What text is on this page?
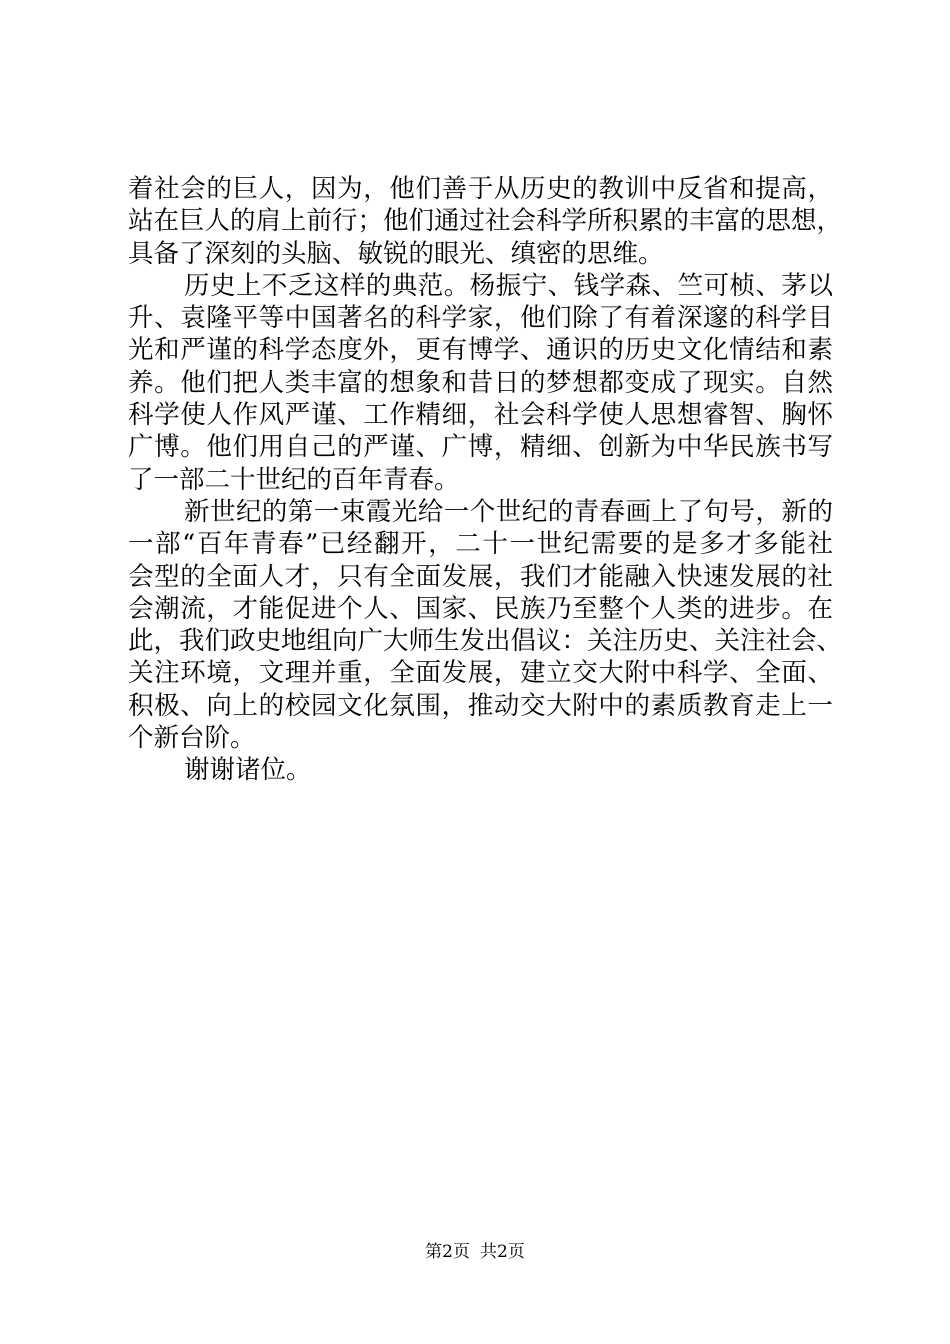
着社会的巨人，因为，他们善于从历史的教训中反省和提高，
站在巨人的肩上前行；他们通过社会科学所积累的丰富的思想，
具备了深刻的头脑、敏锐的眼光、缜密的思维。
历史上不乏这样的典范。杨振宁、钱学森、竺可桢、茅以
升、袁隆平等中国著名的科学家，他们除了有着深邃的科学目
光和严谨的科学态度外，更有博学、通识的历史文化情结和素
养。他们把人类丰富的想象和昔日的梦想都变成了现实。自然
科学使人作风严谨、工作精细，社会科学使人思想睿智、胸怀
广博。他们用自己的严谨、广博，精细、创新为中华民族书写
了一部二十世纪的百年青春。
新世纪的第一束霞光给一个世纪的青春画上了句号，新的
一部“百年青春”已经翻开，二十一世纪需要的是多才多能社
会型的全面人才，只有全面发展，我们才能融入快速发展的社
会潮流，才能促进个人、国家、民族乃至整个人类的进步。在
此，我们政史地组向广大师生发出倡议：关注历史、关注社会、
关注环境，文理并重，全面发展，建立交大附中科学、全面、
积极、向上的校园文化氛围，推动交大附中的素质教育走上一
个新台阶。
谢谢诸位。
第2页 共2页
